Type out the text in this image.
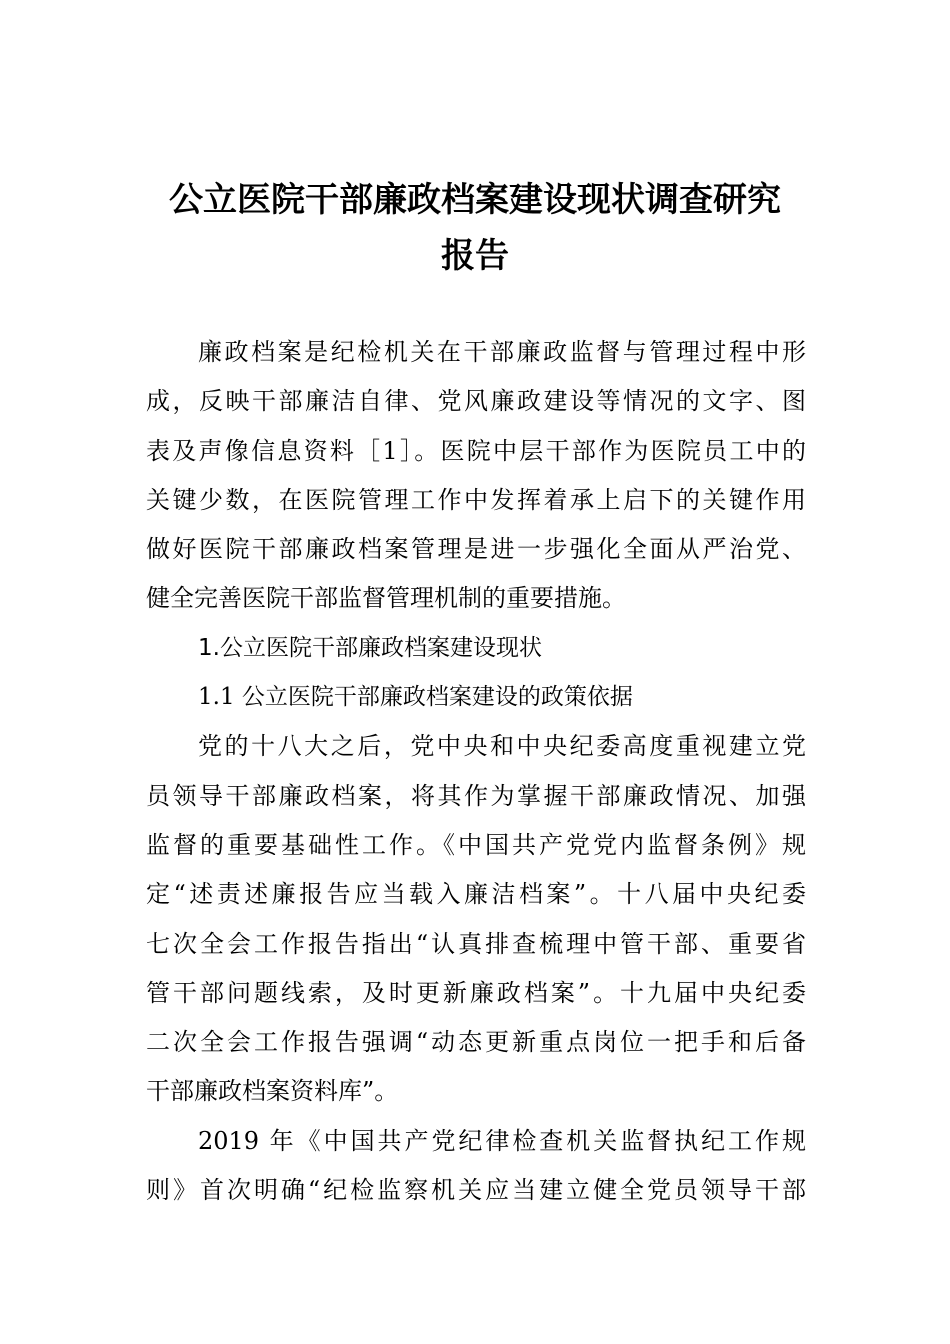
公立医院干部廉政档案建设现状调查研究
报告
廉政档案是纪检机关在干部廉政监督与管理过程中形
成，反映干部廉洁自律、党风廉政建设等情况的文字、图
表及声像信息资料［1］。医院中层干部作为医院员工中的
关键少数，在医院管理工作中发挥着承上启下的关键作用
做好医院干部廉政档案管理是进一步强化全面从严治党、
健全完善医院干部监督管理机制的重要措施。
1.公立医院干部廉政档案建设现状
1.1 公立医院干部廉政档案建设的政策依据
党的十八大之后，党中央和中央纪委高度重视建立党
员领导干部廉政档案，将其作为掌握干部廉政情况、加强
监督的重要基础性工作。《中国共产党党内监督条例》规
定“述责述廉报告应当载入廉洁档案”。十八届中央纪委
七次全会工作报告指出“认真排查梳理中管干部、重要省
管干部问题线索，及时更新廉政档案”。十九届中央纪委
二次全会工作报告强调“动态更新重点岗位一把手和后备
干部廉政档案资料库”。
2019 年《中国共产党纪律检查机关监督执纪工作规
则》首次明确“纪检监察机关应当建立健全党员领导干部
